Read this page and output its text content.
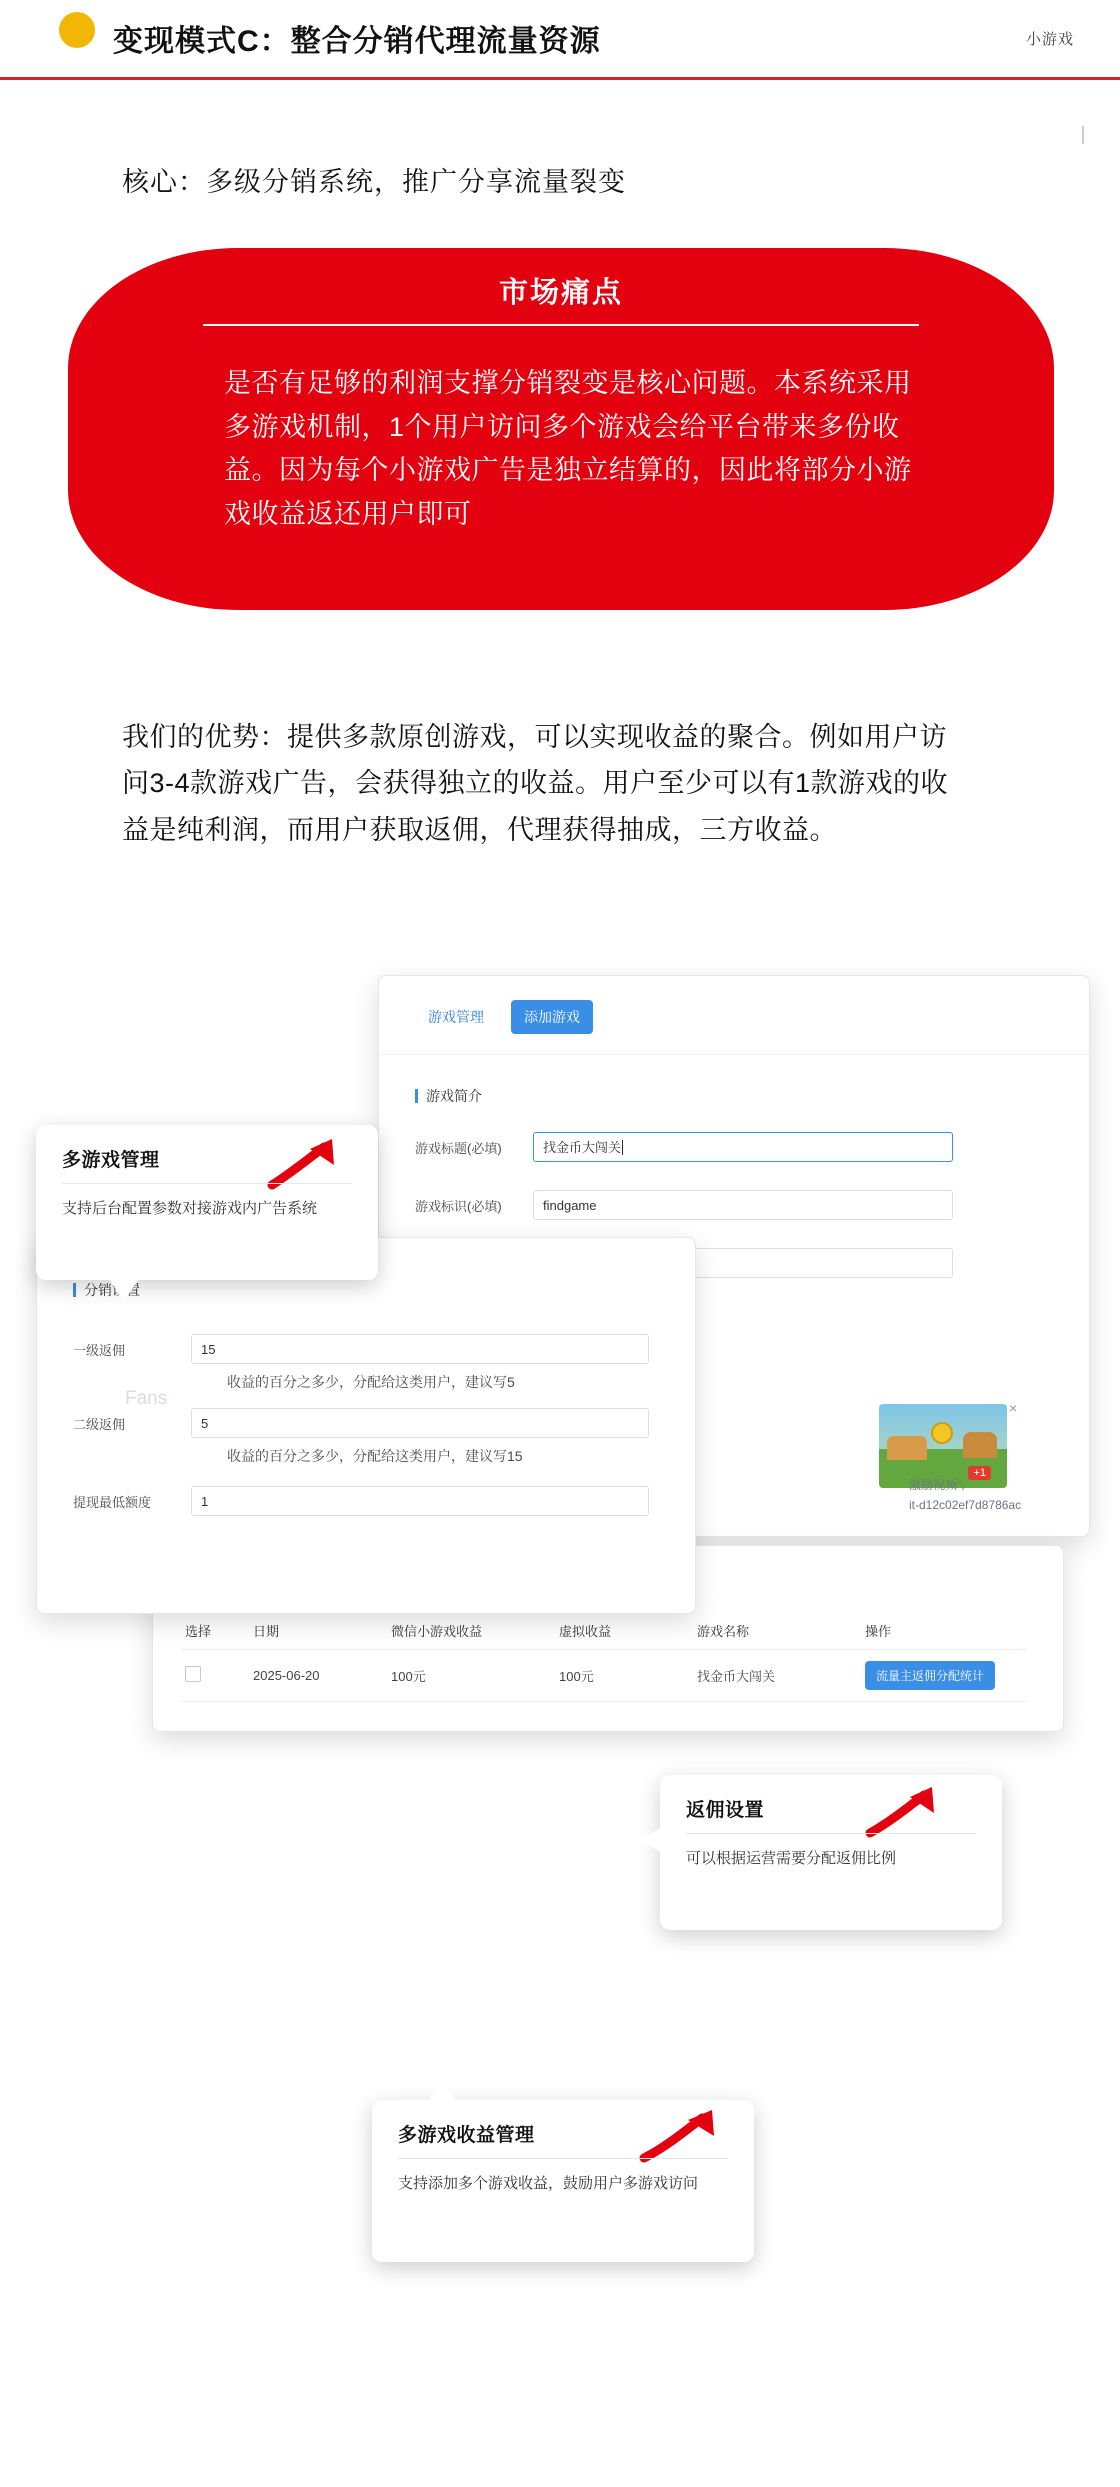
变现模式C：整合分销代理流量资源	小游戏
核心：多级分销系统，推广分享流量裂变
市场痛点
是否有足够的利润支撑分销裂变是核心问题。本系统采用多游戏机制，1个用户访问多个游戏会给平台带来多份收益。因为每个小游戏广告是独立结算的，因此将部分小游戏收益返还用户即可
我们的优势：提供多款原创游戏，可以实现收益的聚合。例如用户访问3-4款游戏广告，会获得独立的收益。用户至少可以有1款游戏的收益是纯利润，而用户获取返佣，代理获得抽成，三方收益。
游戏管理	添加游戏
游戏简介
游戏标题(必填)	找金币大闯关
游戏标识(必填)	findgame
+1
×
激励视频",
it-d12c02ef7d8786ac
选择	日期	微信小游戏收益	虚拟收益	游戏名称	操作
	2025-06-20	100元	100元	找金币大闯关	流量主返佣分配统计
Fans
分销设置
一级返佣	15
收益的百分之多少，分配给这类用户，建议写5
二级返佣	5
收益的百分之多少，分配给这类用户，建议写15
提现最低额度	1
多游戏管理
支持后台配置参数对接游戏内广告系统
返佣设置
可以根据运营需要分配返佣比例
多游戏收益管理
支持添加多个游戏收益，鼓励用户多游戏访问
